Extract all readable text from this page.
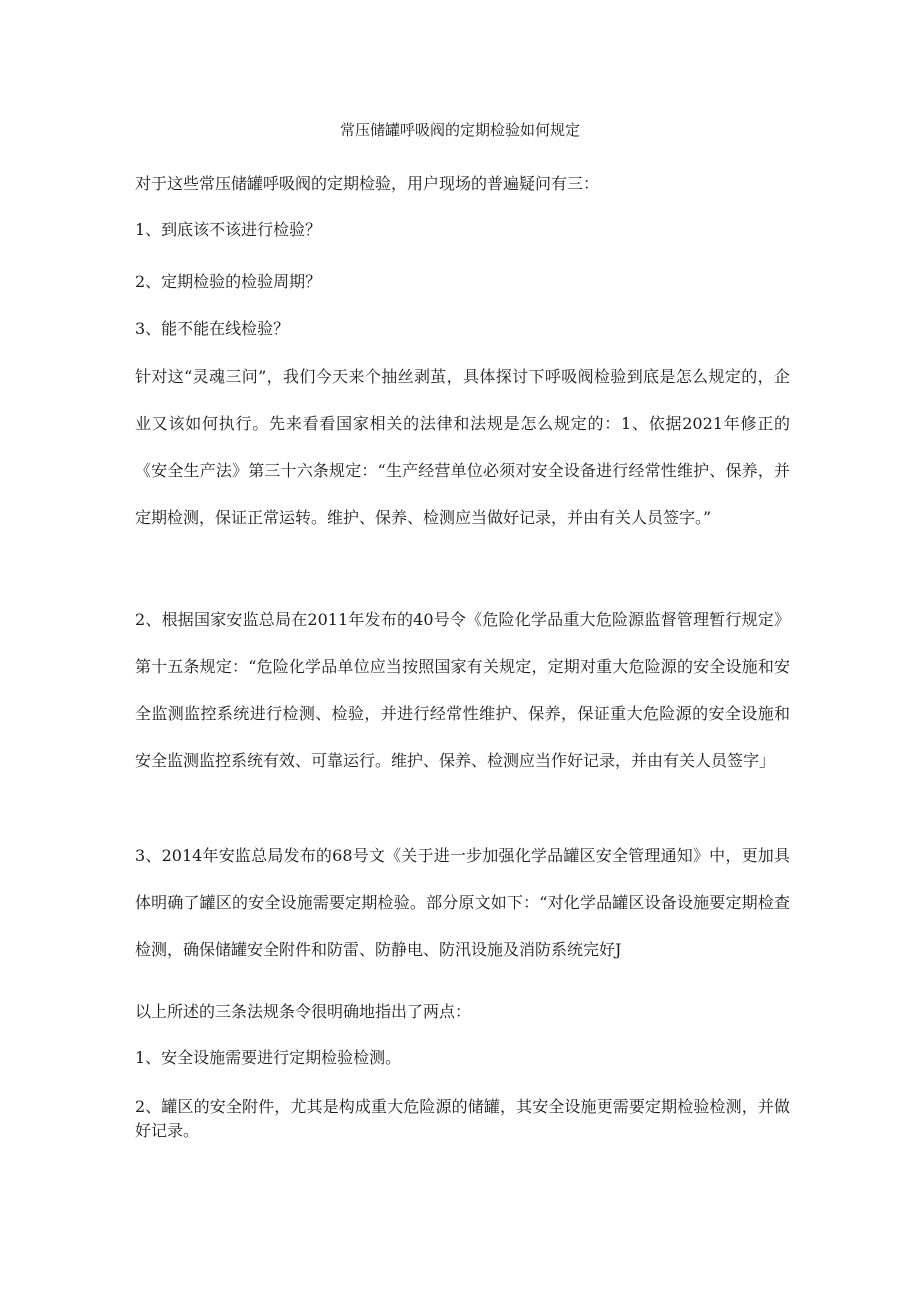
常压储罐呼吸阀的定期检验如何规定

对于这些常压储罐呼吸阀的定期检验，用户现场的普遍疑问有三：

1、到底该不该进行检验？

2、定期检验的检验周期？

3、能不能在线检验？

针对这“灵魂三问”，我们今天来个抽丝剥茧，具体探讨下呼吸阀检验到底是怎么规定的，企业又该如何执行。先来看看国家相关的法律和法规是怎么规定的：1、依据2021年修正的《安全生产法》第三十六条规定：“生产经营单位必须对安全设备进行经常性维护、保养，并定期检测，保证正常运转。维护、保养、检测应当做好记录，并由有关人员签字。”

2、根据国家安监总局在2011年发布的40号令《危险化学品重大危险源监督管理暂行规定》第十五条规定：“危险化学品单位应当按照国家有关规定，定期对重大危险源的安全设施和安全监测监控系统进行检测、检验，并进行经常性维护、保养，保证重大危险源的安全设施和安全监测监控系统有效、可靠运行。维护、保养、检测应当作好记录，并由有关人员签字」

3、2014年安监总局发布的68号文《关于进一步加强化学品罐区安全管理通知》中，更加具体明确了罐区的安全设施需要定期检验。部分原文如下：“对化学品罐区设备设施要定期检查检测，确保储罐安全附件和防雷、防静电、防汛设施及消防系统完好J

以上所述的三条法规条令很明确地指出了两点：

1、安全设施需要进行定期检验检测。

2、罐区的安全附件，尤其是构成重大危险源的储罐，其安全设施更需要定期检验检测，并做好记录。
